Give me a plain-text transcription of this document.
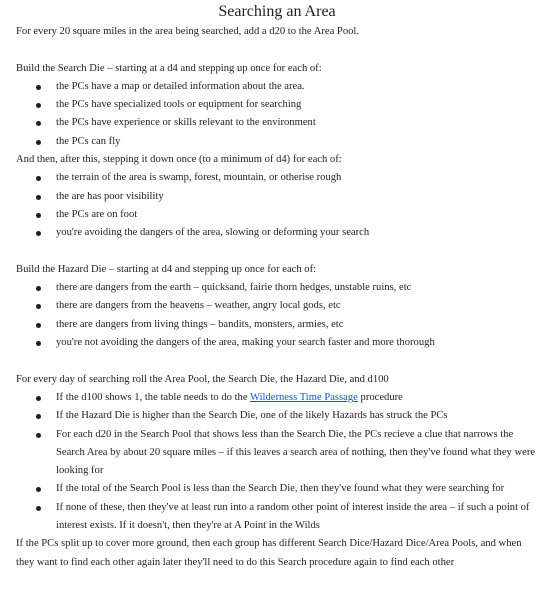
Searching an Area

For every 20 square miles in the area being searched, add a d20 to the Area Pool.

Build the Search Die – starting at a d4 and stepping up once for each of:

the PCs have a map or detailed information about the area.
the PCs have specialized tools or equipment for searching
the PCs have experience or skills relevant to the environment
the PCs can fly

And then, after this, stepping it down once (to a minimum of d4) for each of:

the terrain of the area is swamp, forest, mountain, or otherise rough
the are has poor visibility
the PCs are on foot
you're avoiding the dangers of the area, slowing or deforming your search

Build the Hazard Die – starting at d4 and stepping up once for each of:

there are dangers from the earth – quicksand, fairie thorn hedges, unstable ruins, etc
there are dangers from the heavens – weather, angry local gods, etc
there are dangers from living things – bandits, monsters, armies, etc
you're not avoiding the dangers of the area, making your search faster and more thorough

For every day of searching roll the Area Pool, the Search Die, the Hazard Die, and d100

If the d100 shows 1, the table needs to do the Wilderness Time Passage procedure
If the Hazard Die is higher than the Search Die, one of the likely Hazards has struck the PCs
For each d20 in the Search Pool that shows less than the Search Die, the PCs recieve a clue that narrows the Search Area by about 20 square miles – if this leaves a search area of nothing, then they've found what they were looking for
If the total of the Search Pool is less than the Search Die, then they've found what they were searching for
If none of these, then they've at least run into a random other point of interest inside the area – if such a point of interest exists. If it doesn't, then they're at A Point in the Wilds

If the PCs split up to cover more ground, then each group has different Search Dice/Hazard Dice/Area Pools, and when they want to find each other again later they'll need to do this Search procedure again to find each other
